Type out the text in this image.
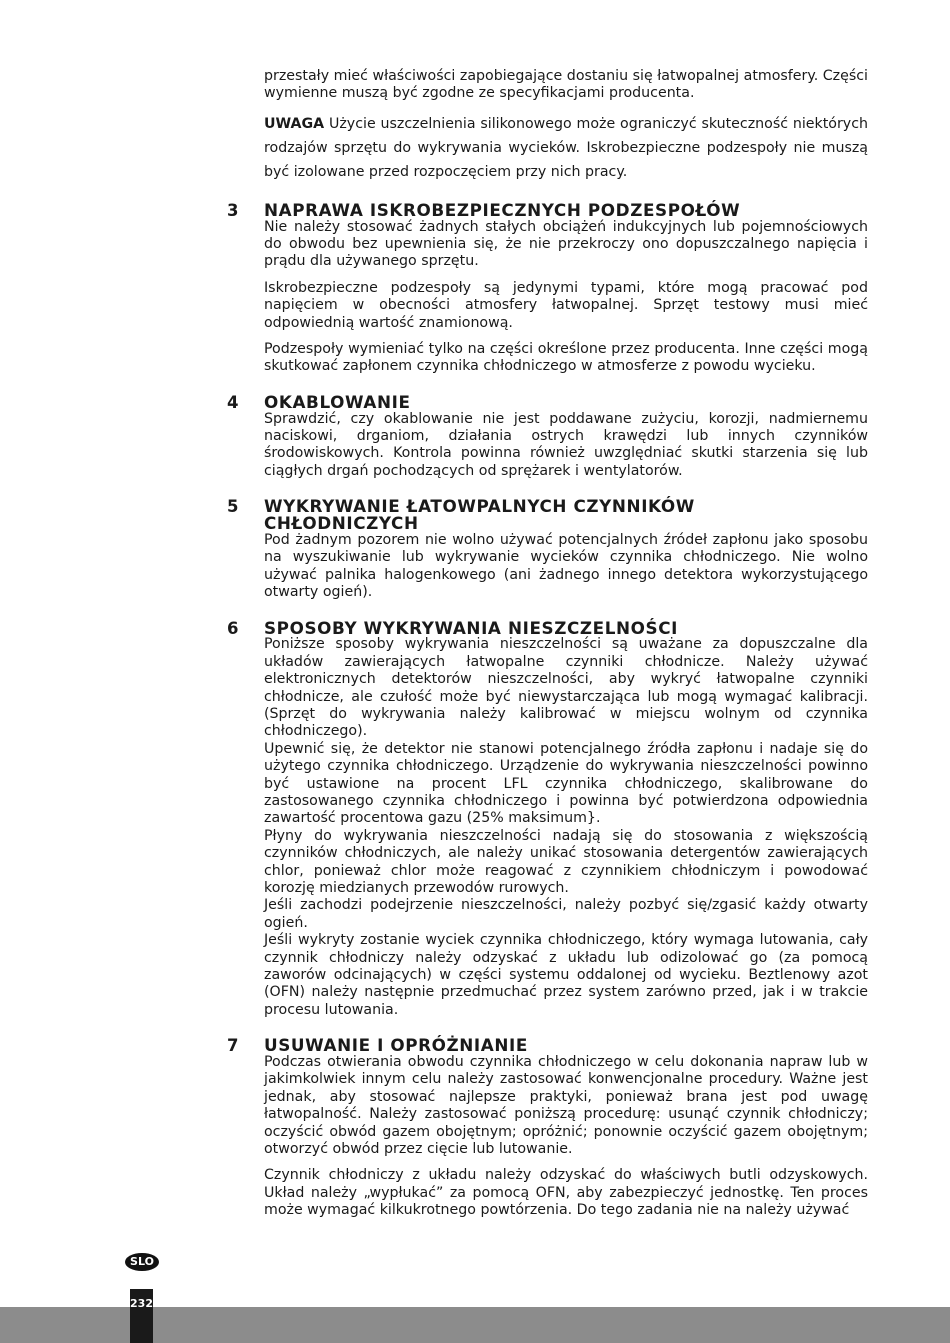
przestały mieć właściwości zapobiegające dostaniu się łatwopalnej atmosfery. Części wymienne muszą być zgodne ze specyfikacjami producenta.

UWAGA Użycie uszczelnienia silikonowego może ograniczyć skuteczność niektórych rodzajów sprzętu do wykrywania wycieków. Iskrobezpieczne podzespoły nie muszą być izolowane przed rozpoczęciem przy nich pracy.

3 NAPRAWA ISKROBEZPIECZNYCH PODZESPOŁÓW

Nie należy stosować żadnych stałych obciążeń indukcyjnych lub pojemnościowych do obwodu bez upewnienia się, że nie przekroczy ono dopuszczalnego napięcia i prądu dla używanego sprzętu.

Iskrobezpieczne podzespoły są jedynymi typami, które mogą pracować pod napięciem w obecności atmosfery łatwopalnej. Sprzęt testowy musi mieć odpowiednią wartość znamionową.

Podzespoły wymieniać tylko na części określone przez producenta. Inne części mogą skutkować zapłonem czynnika chłodniczego w atmosferze z powodu wycieku.

4 OKABLOWANIE

Sprawdzić, czy okablowanie nie jest poddawane zużyciu, korozji, nadmiernemu naciskowi, drganiom, działania ostrych krawędzi lub innych czynników środowiskowych. Kontrola powinna również uwzględniać skutki starzenia się lub ciągłych drgań pochodzących od sprężarek i wentylatorów.

5 WYKRYWANIE ŁATOWPALNYCH CZYNNIKÓW
CHŁODNICZYCH

Pod żadnym pozorem nie wolno używać potencjalnych źródeł zapłonu jako sposobu na wyszukiwanie lub wykrywanie wycieków czynnika chłodniczego. Nie wolno używać palnika halogenkowego (ani żadnego innego detektora wykorzystującego otwarty ogień).

6 SPOSOBY WYKRYWANIA NIESZCZELNOŚCI

Poniższe sposoby wykrywania nieszczelności są uważane za dopuszczalne dla układów zawierających łatwopalne czynniki chłodnicze. Należy używać elektronicznych detektorów nieszczelności, aby wykryć łatwopalne czynniki chłodnicze, ale czułość może być niewystarczająca lub mogą wymagać kalibracji. (Sprzęt do wykrywania należy kalibrować w miejscu wolnym od czynnika chłodniczego).

Upewnić się, że detektor nie stanowi potencjalnego źródła zapłonu i nadaje się do użytego czynnika chłodniczego. Urządzenie do wykrywania nieszczelności powinno być ustawione na procent LFL czynnika chłodniczego, skalibrowane do zastosowanego czynnika chłodniczego i powinna być potwierdzona odpowiednia zawartość procentowa gazu (25% maksimum}.

Płyny do wykrywania nieszczelności nadają się do stosowania z większością czynników chłodniczych, ale należy unikać stosowania detergentów zawierających chlor, ponieważ chlor może reagować z czynnikiem chłodniczym i powodować korozję miedzianych przewodów rurowych.

Jeśli zachodzi podejrzenie nieszczelności, należy pozbyć się/zgasić każdy otwarty ogień.

Jeśli wykryty zostanie wyciek czynnika chłodniczego, który wymaga lutowania, cały czynnik chłodniczy należy odzyskać z układu lub odizolować go (za pomocą zaworów odcinających) w części systemu oddalonej od wycieku. Beztlenowy azot (OFN) należy następnie przedmuchać przez system zarówno przed, jak i w trakcie procesu lutowania.

7 USUWANIE I OPRÓŻNIANIE

Podczas otwierania obwodu czynnika chłodniczego w celu dokonania napraw lub w jakimkolwiek innym celu należy zastosować konwencjonalne procedury. Ważne jest jednak, aby stosować najlepsze praktyki, ponieważ brana jest pod uwagę łatwopalność. Należy zastosować poniższą procedurę: usunąć czynnik chłodniczy; oczyścić obwód gazem obojętnym; opróżnić; ponownie oczyścić gazem obojętnym; otworzyć obwód przez cięcie lub lutowanie.

Czynnik chłodniczy z układu należy odzyskać do właściwych butli odzyskowych. Układ należy „wypłukać” za pomocą OFN, aby zabezpieczyć jednostkę. Ten proces może wymagać kilkukrotnego powtórzenia. Do tego zadania nie na należy używać

SLO
232
